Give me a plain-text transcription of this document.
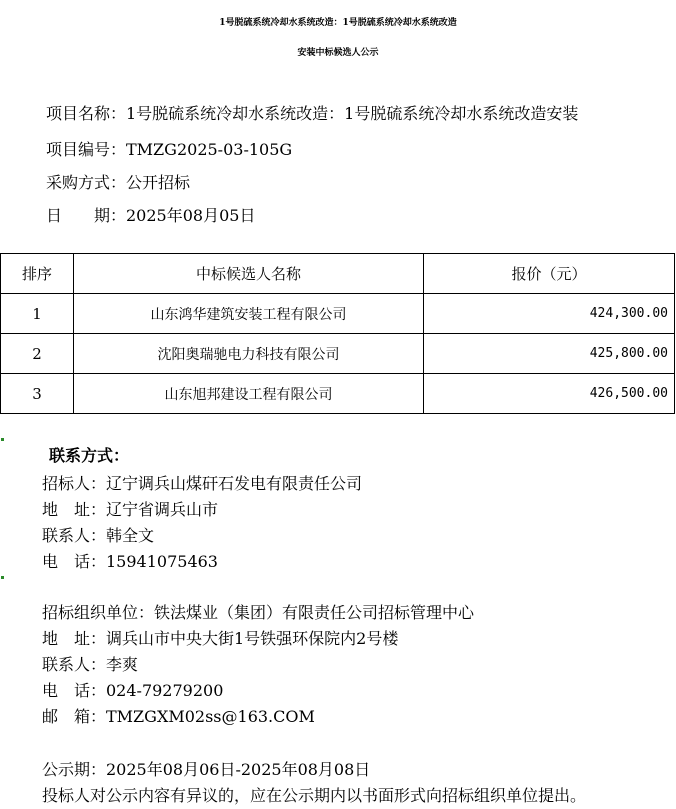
1号脱硫系统冷却水系统改造：1号脱硫系统冷却水系统改造
安装中标候选人公示
项目名称：1号脱硫系统冷却水系统改造：1号脱硫系统冷却水系统改造安装
项目编号：TMZG2025-03-105G
采购方式：公开招标
日　　期：2025年08月05日
排序	中标候选人名称	报价（元）
1	山东鸿华建筑安装工程有限公司	424,300.00
2	沈阳奥瑞驰电力科技有限公司	425,800.00
3	山东旭邦建设工程有限公司	426,500.00
联系方式：
招标人：辽宁调兵山煤矸石发电有限责任公司
地　址：辽宁省调兵山市
联系人：韩全文
电　话：15941075463
招标组织单位：铁法煤业（集团）有限责任公司招标管理中心
地　址：调兵山市中央大街1号铁强环保院内2号楼
联系人：李爽
电　话：024-79279200
邮　箱：TMZGXM02ss@163.COM
公示期：2025年08月06日-2025年08月08日
投标人对公示内容有异议的，应在公示期内以书面形式向招标组织单位提出。
